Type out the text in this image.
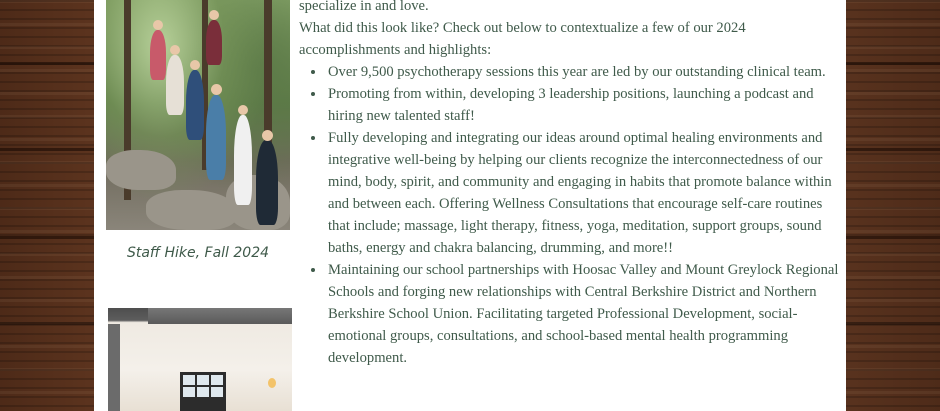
Staff Hike, Fall 2024

specialize in and love.

What did this look like? Check out below to contextualize a few of our 2024 accomplishments and highlights:

• Over 9,500 psychotherapy sessions this year are led by our outstanding clinical team.
• Promoting from within, developing 3 leadership positions, launching a podcast and hiring new talented staff!
• Fully developing and integrating our ideas around optimal healing environments and integrative well-being by helping our clients recognize the interconnectedness of our mind, body, spirit, and community and engaging in habits that promote balance within and between each. Offering Wellness Consultations that encourage self-care routines that include; massage, light therapy, fitness, yoga, meditation, support groups, sound baths, energy and chakra balancing, drumming, and more!!
• Maintaining our school partnerships with Hoosac Valley and Mount Greylock Regional Schools and forging new relationships with Central Berkshire District and Northern Berkshire School Union. Facilitating targeted Professional Development, social-emotional groups, consultations, and school-based mental health programming development.
